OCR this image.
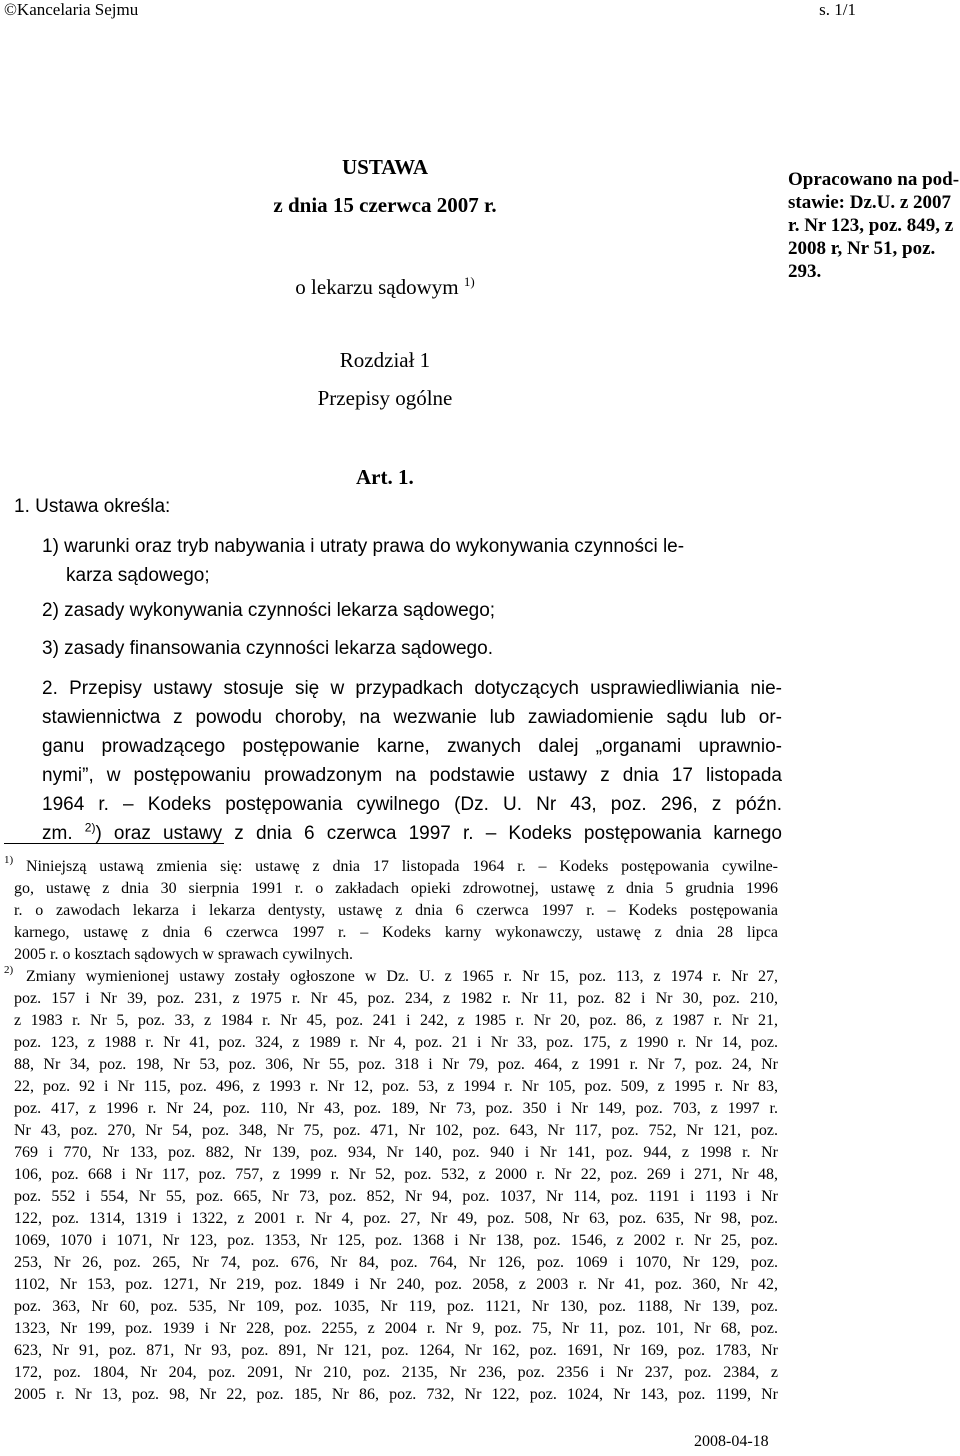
©Kancelaria Sejmu	s. 1/1
USTAWA
z dnia 15 czerwca 2007 r.
o lekarzu sądowym $^{1)}$
Opracowano na pod-
stawie: Dz.U. z 2007
r. Nr 123, poz. 849, z
2008 r, Nr 51, poz.
293.
Rozdział 1
Przepisy ogólne
Art. 1.
1. Ustawa określa:
1) warunki oraz tryb nabywania i utraty prawa do wykonywania czynności le-
karza sądowego;
2) zasady wykonywania czynności lekarza sądowego;
3) zasady finansowania czynności lekarza sądowego.
2. Przepisy ustawy stosuje się w przypadkach dotyczących usprawiedliwiania nie-
stawiennictwa z powodu choroby, na wezwanie lub zawiadomienie sądu lub or-
ganu prowadzącego postępowanie karne, zwanych dalej „organami uprawnio-
nymi”, w postępowaniu prowadzonym na podstawie ustawy z dnia 17 listopada
1964 r. – Kodeks postępowania cywilnego (Dz. U. Nr 43, poz. 296, z późn.
zm. $^{2)}$) oraz ustawy z dnia 6 czerwca 1997 r. – Kodeks postępowania karnego
1) Niniejszą ustawą zmienia się: ustawę z dnia 17 listopada 1964 r. – Kodeks postępowania cywilne-
go, ustawę z dnia 30 sierpnia 1991 r. o zakładach opieki zdrowotnej, ustawę z dnia 5 grudnia 1996
r. o zawodach lekarza i lekarza dentysty, ustawę z dnia 6 czerwca 1997 r. – Kodeks postępowania
karnego, ustawę z dnia 6 czerwca 1997 r. – Kodeks karny wykonawczy, ustawę z dnia 28 lipca
2005 r. o kosztach sądowych w sprawach cywilnych.
2) Zmiany wymienionej ustawy zostały ogłoszone w Dz. U. z 1965 r. Nr 15, poz. 113, z 1974 r. Nr 27,
poz. 157 i Nr 39, poz. 231, z 1975 r. Nr 45, poz. 234, z 1982 r. Nr 11, poz. 82 i Nr 30, poz. 210,
z 1983 r. Nr 5, poz. 33, z 1984 r. Nr 45, poz. 241 i 242, z 1985 r. Nr 20, poz. 86, z 1987 r. Nr 21,
poz. 123, z 1988 r. Nr 41, poz. 324, z 1989 r. Nr 4, poz. 21 i Nr 33, poz. 175, z 1990 r. Nr 14, poz.
88, Nr 34, poz. 198, Nr 53, poz. 306, Nr 55, poz. 318 i Nr 79, poz. 464, z 1991 r. Nr 7, poz. 24, Nr
22, poz. 92 i Nr 115, poz. 496, z 1993 r. Nr 12, poz. 53, z 1994 r. Nr 105, poz. 509, z 1995 r. Nr 83,
poz. 417, z 1996 r. Nr 24, poz. 110, Nr 43, poz. 189, Nr 73, poz. 350 i Nr 149, poz. 703, z 1997 r.
Nr 43, poz. 270, Nr 54, poz. 348, Nr 75, poz. 471, Nr 102, poz. 643, Nr 117, poz. 752, Nr 121, poz.
769 i 770, Nr 133, poz. 882, Nr 139, poz. 934, Nr 140, poz. 940 i Nr 141, poz. 944, z 1998 r. Nr
106, poz. 668 i Nr 117, poz. 757, z 1999 r. Nr 52, poz. 532, z 2000 r. Nr 22, poz. 269 i 271, Nr 48,
poz. 552 i 554, Nr 55, poz. 665, Nr 73, poz. 852, Nr 94, poz. 1037, Nr 114, poz. 1191 i 1193 i Nr
122, poz. 1314, 1319 i 1322, z 2001 r. Nr 4, poz. 27, Nr 49, poz. 508, Nr 63, poz. 635, Nr 98, poz.
1069, 1070 i 1071, Nr 123, poz. 1353, Nr 125, poz. 1368 i Nr 138, poz. 1546, z 2002 r. Nr 25, poz.
253, Nr 26, poz. 265, Nr 74, poz. 676, Nr 84, poz. 764, Nr 126, poz. 1069 i 1070, Nr 129, poz.
1102, Nr 153, poz. 1271, Nr 219, poz. 1849 i Nr 240, poz. 2058, z 2003 r. Nr 41, poz. 360, Nr 42,
poz. 363, Nr 60, poz. 535, Nr 109, poz. 1035, Nr 119, poz. 1121, Nr 130, poz. 1188, Nr 139, poz.
1323, Nr 199, poz. 1939 i Nr 228, poz. 2255, z 2004 r. Nr 9, poz. 75, Nr 11, poz. 101, Nr 68, poz.
623, Nr 91, poz. 871, Nr 93, poz. 891, Nr 121, poz. 1264, Nr 162, poz. 1691, Nr 169, poz. 1783, Nr
172, poz. 1804, Nr 204, poz. 2091, Nr 210, poz. 2135, Nr 236, poz. 2356 i Nr 237, poz. 2384, z
2005 r. Nr 13, poz. 98, Nr 22, poz. 185, Nr 86, poz. 732, Nr 122, poz. 1024, Nr 143, poz. 1199, Nr
2008-04-18
